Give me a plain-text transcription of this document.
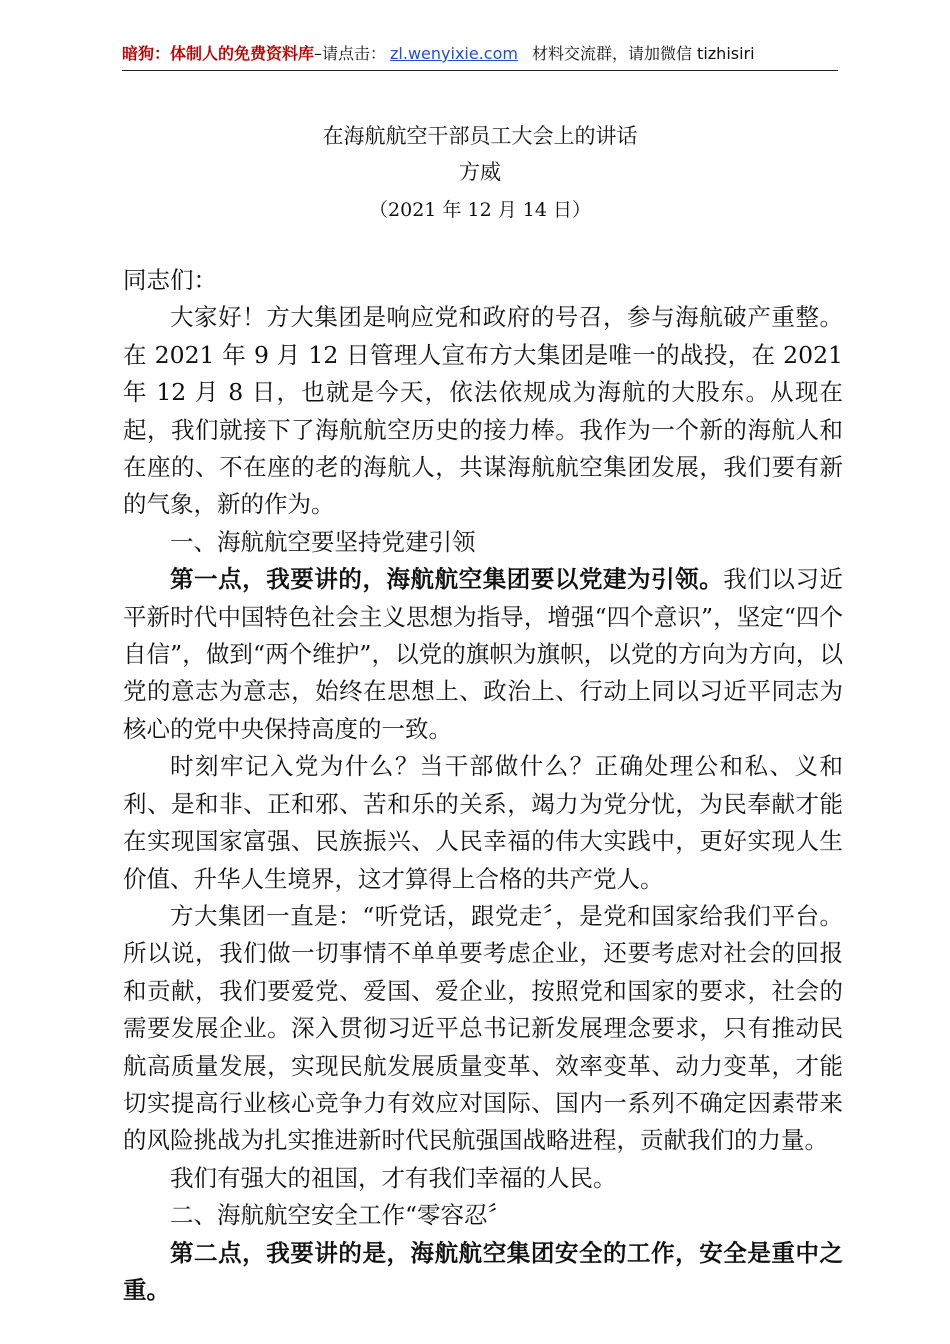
暗狗：体制人的免费资料库–请点击： zl.wenyixie.com 材料交流群，请加微信 tizhisiri
在海航航空干部员工大会上的讲话
方威
（2021 年 12 月 14 日）

同志们：

大家好！方大集团是响应党和政府的号召，参与海航破产重整。在 2021 年 9 月 12 日管理人宣布方大集团是唯一的战投，在 2021 年 12 月 8 日，也就是今天，依法依规成为海航的大股东。从现在起，我们就接下了海航航空历史的接力棒。我作为一个新的海航人和在座的、不在座的老的海航人，共谋海航航空集团发展，我们要有新的气象，新的作为。

一、海航航空要坚持党建引领

第一点，我要讲的，海航航空集团要以党建为引领。我们以习近平新时代中国特色社会主义思想为指导，增强“四个意识”，坚定“四个自信”，做到“两个维护”，以党的旗帜为旗帜，以党的方向为方向，以党的意志为意志，始终在思想上、政治上、行动上同以习近平同志为核心的党中央保持高度的一致。

时刻牢记入党为什么？当干部做什么？正确处理公和私、义和利、是和非、正和邪、苦和乐的关系，竭力为党分忧，为民奉献才能在实现国家富强、民族振兴、人民幸福的伟大实践中，更好实现人生价值、升华人生境界，这才算得上合格的共产党人。

方大集团一直是：“听党话，跟党走〞，是党和国家给我们平台。所以说，我们做一切事情不单单要考虑企业，还要考虑对社会的回报和贡献，我们要爱党、爱国、爱企业，按照党和国家的要求，社会的需要发展企业。深入贯彻习近平总书记新发展理念要求，只有推动民航高质量发展，实现民航发展质量变革、效率变革、动力变革，才能切实提高行业核心竞争力有效应对国际、国内一系列不确定因素带来的风险挑战为扎实推进新时代民航强国战略进程，贡献我们的力量。

我们有强大的祖国，才有我们幸福的人民。

二、海航航空安全工作“零容忍〞

第二点，我要讲的是，海航航空集团安全的工作，安全是重中之重。
